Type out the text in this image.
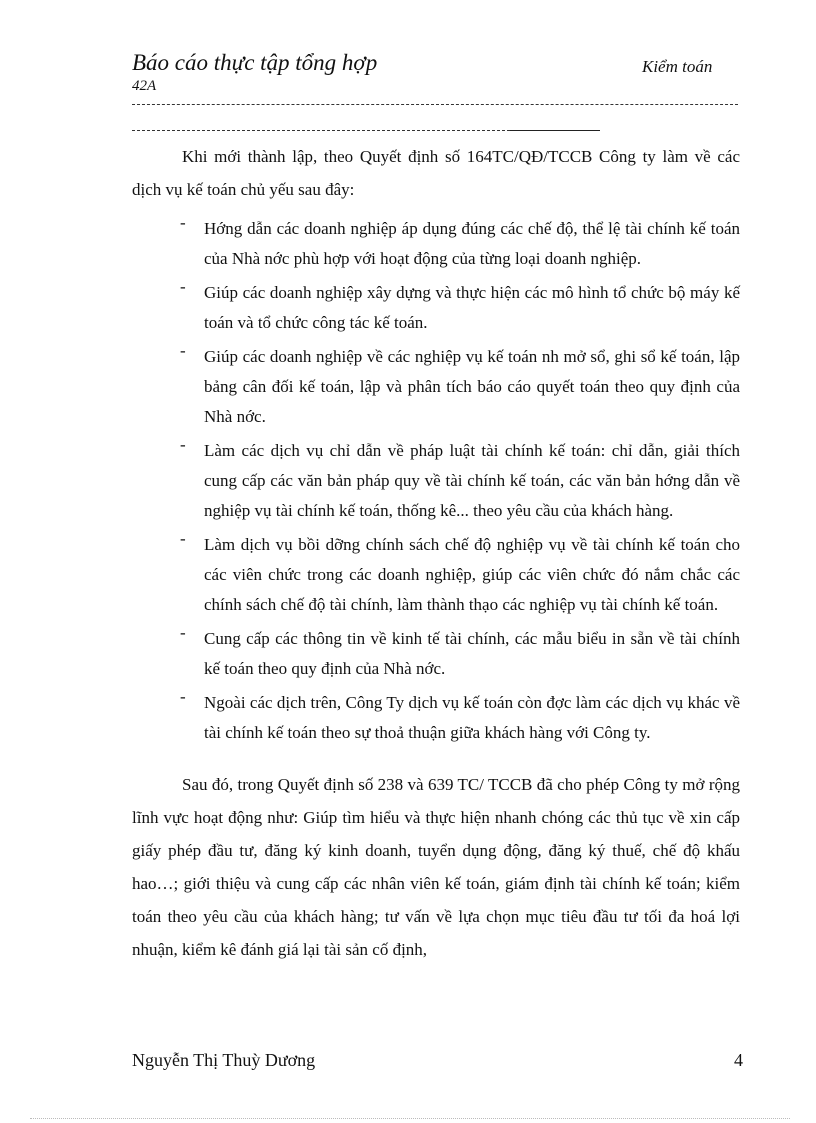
Báo cáo thực tập tổng hợp	Kiểm toán
42A

Khi mới thành lập, theo Quyết định số 164TC/QĐ/TCCB Công ty làm về các dịch vụ kế toán chủ yếu sau đây:

- Hớng dẫn các doanh nghiệp áp dụng đúng các chế độ, thể lệ tài chính kế toán của Nhà nớc phù hợp với hoạt động của từng loại doanh nghiệp.
- Giúp các doanh nghiệp xây dựng và thực hiện các mô hình tổ chức bộ máy kế toán và tổ chức công tác kế toán.
- Giúp các doanh nghiệp về các nghiệp vụ kế toán nh mở sổ, ghi sổ kế toán, lập bảng cân đối kế toán, lập và phân tích báo cáo quyết toán theo quy định của Nhà nớc.
- Làm các dịch vụ chỉ dẫn về pháp luật tài chính kế toán: chỉ dẫn, giải thích cung cấp các văn bản pháp quy về tài chính kế toán, các văn bản hớng dẫn về nghiệp vụ tài chính kế toán, thống kê... theo yêu cầu của khách hàng.
- Làm dịch vụ bồi dỡng chính sách chế độ nghiệp vụ về tài chính kế toán cho các viên chức trong các doanh nghiệp, giúp các viên chức đó nắm chắc các chính sách chế độ tài chính, làm thành thạo các nghiệp vụ tài chính kế toán.
- Cung cấp các thông tin về kinh tế tài chính, các mẫu biểu in sẵn về tài chính kế toán theo quy định của Nhà nớc.
- Ngoài các dịch trên, Công Ty dịch vụ kế toán còn đợc làm các dịch vụ khác về tài chính kế toán theo sự thoả thuận giữa khách hàng với Công ty.

Sau đó, trong Quyết định số 238 và 639 TC/ TCCB đã cho phép Công ty mở rộng lĩnh vực hoạt động như: Giúp tìm hiểu và thực hiện nhanh chóng các thủ tục về xin cấp giấy phép đầu tư, đăng ký kinh doanh, tuyển dụng động, đăng ký thuế, chế độ khấu hao…; giới thiệu và cung cấp các nhân viên kế toán, giám định tài chính kế toán; kiểm toán theo yêu cầu của khách hàng; tư vấn về lựa chọn mục tiêu đầu tư tối đa hoá lợi nhuận, kiểm kê đánh giá lại tài sản cố định,

Nguyễn Thị Thuỳ Dương	4
